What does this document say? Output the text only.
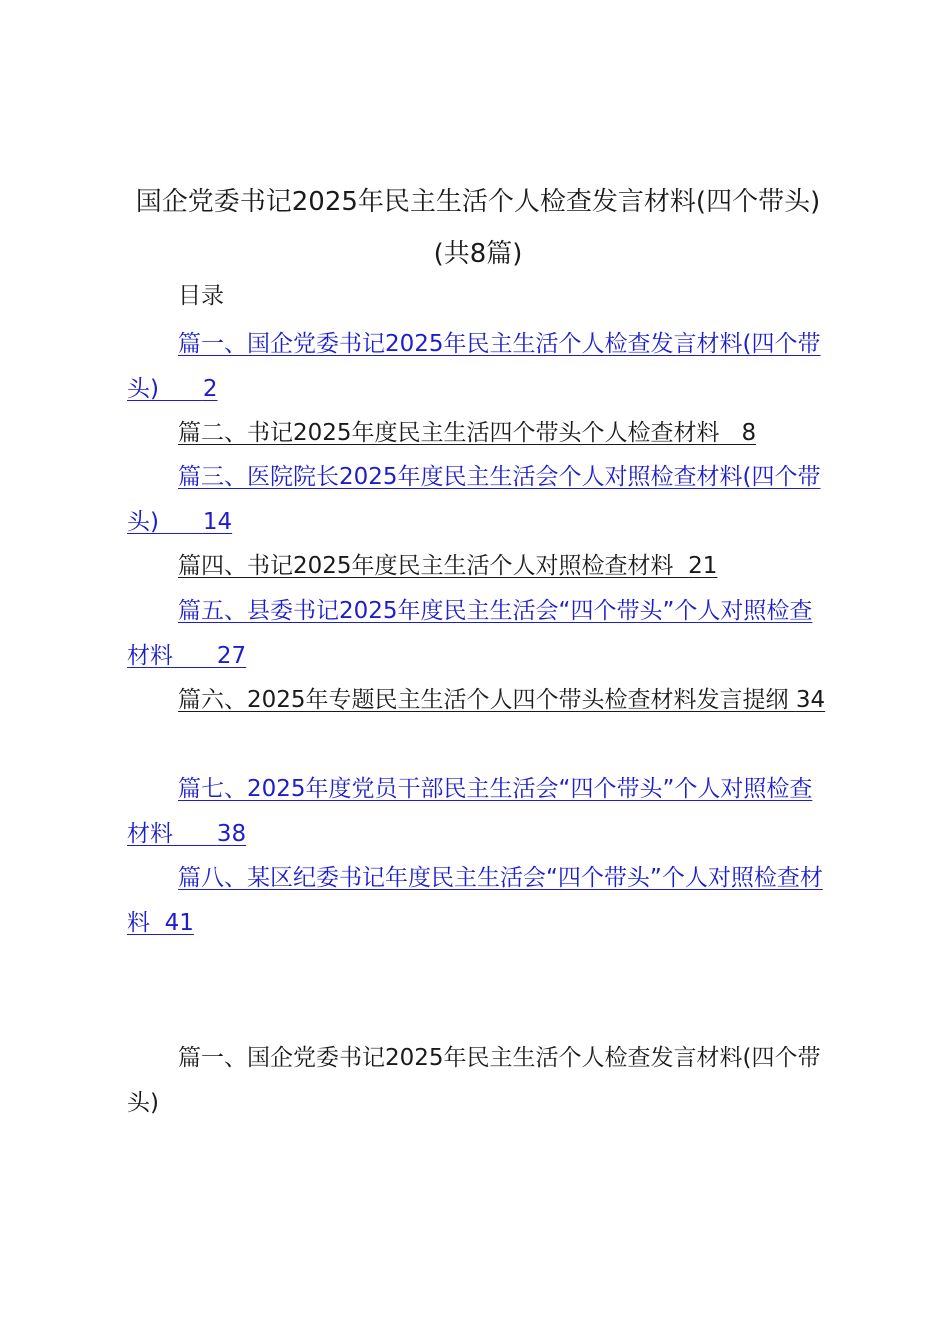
国企党委书记2025年民主生活个人检查发言材料(四个带头)(共8篇)
目录
篇一、国企党委书记2025年民主生活个人检查发言材料(四个带头) 2
篇二、书记2025年度民主生活四个带头个人检查材料 8
篇三、医院院长2025年度民主生活会个人对照检查材料(四个带头) 14
篇四、书记2025年度民主生活个人对照检查材料 21
篇五、县委书记2025年度民主生活会“四个带头”个人对照检查材料 27
篇六、2025年专题民主生活个人四个带头检查材料发言提纲 34
篇七、2025年度党员干部民主生活会“四个带头”个人对照检查材料 38
篇八、某区纪委书记年度民主生活会“四个带头”个人对照检查材料 41
篇一、国企党委书记2025年民主生活个人检查发言材料(四个带头)
